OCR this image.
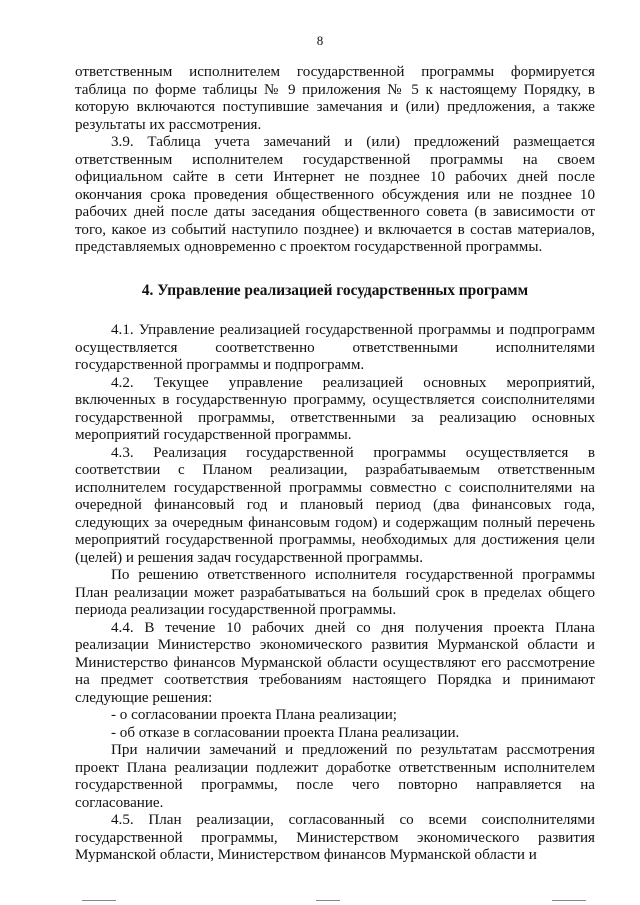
8

ответственным исполнителем государственной программы формируется таблица по форме таблицы № 9 приложения № 5 к настоящему Порядку, в которую включаются поступившие замечания и (или) предложения, а также результаты их рассмотрения.

3.9. Таблица учета замечаний и (или) предложений размещается ответственным исполнителем государственной программы на своем официальном сайте в сети Интернет не позднее 10 рабочих дней после окончания срока проведения общественного обсуждения или не позднее 10 рабочих дней после даты заседания общественного совета (в зависимости от того, какое из событий наступило позднее) и включается в состав материалов, представляемых одновременно с проектом государственной программы.

4. Управление реализацией государственных программ

4.1. Управление реализацией государственной программы и подпрограмм осуществляется соответственно ответственными исполнителями государственной программы и подпрограмм.

4.2. Текущее управление реализацией основных мероприятий, включенных в государственную программу, осуществляется соисполнителями государственной программы, ответственными за реализацию основных мероприятий государственной программы.

4.3. Реализация государственной программы осуществляется в соответствии с Планом реализации, разрабатываемым ответственным исполнителем государственной программы совместно с соисполнителями на очередной финансовый год и плановый период (два финансовых года, следующих за очередным финансовым годом) и содержащим полный перечень мероприятий государственной программы, необходимых для достижения цели (целей) и решения задач государственной программы.

По решению ответственного исполнителя государственной программы План реализации может разрабатываться на больший срок в пределах общего периода реализации государственной программы.

4.4. В течение 10 рабочих дней со дня получения проекта Плана реализации Министерство экономического развития Мурманской области и Министерство финансов Мурманской области осуществляют его рассмотрение на предмет соответствия требованиям настоящего Порядка и принимают следующие решения:

- о согласовании проекта Плана реализации;

- об отказе в согласовании проекта Плана реализации.

При наличии замечаний и предложений по результатам рассмотрения проект Плана реализации подлежит доработке ответственным исполнителем государственной программы, после чего повторно направляется на согласование.

4.5. План реализации, согласованный со всеми соисполнителями государственной программы, Министерством экономического развития Мурманской области, Министерством финансов Мурманской области и
